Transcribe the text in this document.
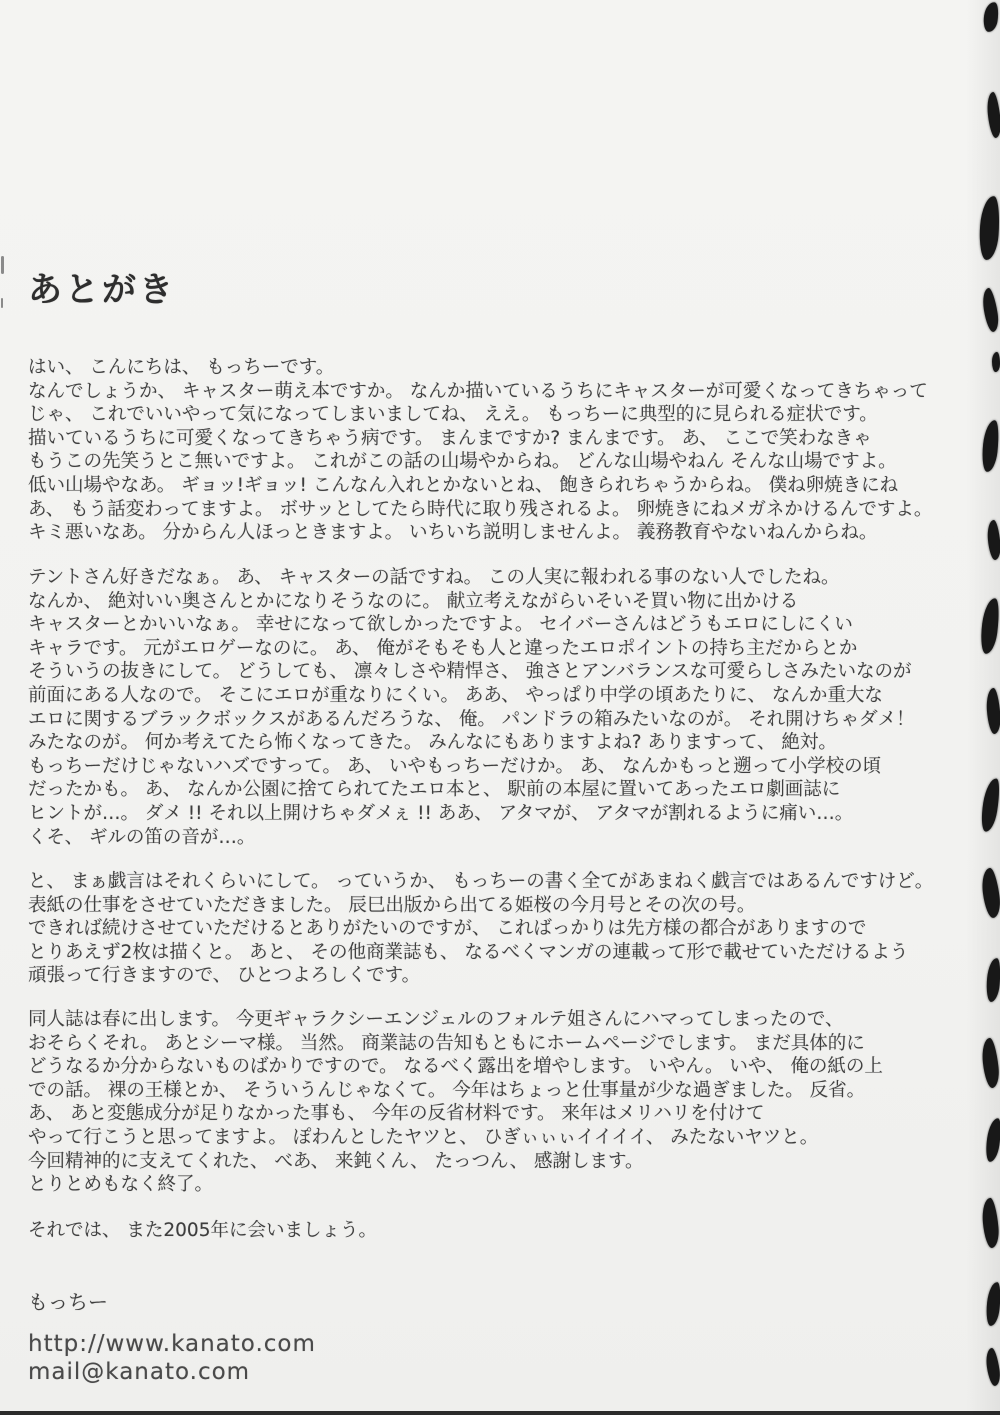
あとがき
はい、 こんにちは、 もっちーです。
なんでしょうか、 キャスター萌え本ですか。 なんか描いているうちにキャスターが可愛くなってきちゃって
じゃ、 これでいいやって気になってしまいましてね、 ええ。 もっちーに典型的に見られる症状です。
描いているうちに可愛くなってきちゃう病です。 まんまですか? まんまです。 あ、 ここで笑わなきゃ
もうこの先笑うとこ無いですよ。 これがこの話の山場やからね。 どんな山場やねん そんな山場ですよ。
低い山場やなあ。 ギョッ!ギョッ! こんなん入れとかないとね、 飽きられちゃうからね。 僕ね卵焼きにね
あ、 もう話変わってますよ。 ボサッとしてたら時代に取り残されるよ。 卵焼きにねメガネかけるんですよ。
キミ悪いなあ。 分からん人ほっときますよ。 いちいち説明しませんよ。 義務教育やないねんからね。
テントさん好きだなぁ。 あ、 キャスターの話ですね。 この人実に報われる事のない人でしたね。
なんか、 絶対いい奥さんとかになりそうなのに。 献立考えながらいそいそ買い物に出かける
キャスターとかいいなぁ。 幸せになって欲しかったですよ。 セイバーさんはどうもエロにしにくい
キャラです。 元がエロゲーなのに。 あ、 俺がそもそも人と違ったエロポイントの持ち主だからとか
そういうの抜きにして。 どうしても、 凛々しさや精悍さ、 強さとアンバランスな可愛らしさみたいなのが
前面にある人なので。 そこにエロが重なりにくい。 ああ、 やっぱり中学の頃あたりに、 なんか重大な
エロに関するブラックボックスがあるんだろうな、 俺。 パンドラの箱みたいなのが。 それ開けちゃダメ！
みたなのが。 何か考えてたら怖くなってきた。 みんなにもありますよね? ありますって、 絶対。
もっちーだけじゃないハズですって。 あ、 いやもっちーだけか。 あ、 なんかもっと遡って小学校の頃
だったかも。 あ、 なんか公園に捨てられてたエロ本と、 駅前の本屋に置いてあったエロ劇画誌に
ヒントが…。 ダメ !! それ以上開けちゃダメぇ !! ああ、 アタマが、 アタマが割れるように痛い…。
くそ、 ギルの笛の音が…。
と、 まぁ戯言はそれくらいにして。 っていうか、 もっちーの書く全てがあまねく戯言ではあるんですけど。
表紙の仕事をさせていただきました。 辰巳出版から出てる姫桜の今月号とその次の号。
できれば続けさせていただけるとありがたいのですが、 こればっかりは先方様の都合がありますので
とりあえず2枚は描くと。 あと、 その他商業誌も、 なるべくマンガの連載って形で載せていただけるよう
頑張って行きますので、 ひとつよろしくです。
同人誌は春に出します。 今更ギャラクシーエンジェルのフォルテ姐さんにハマってしまったので、
おそらくそれ。 あとシーマ様。 当然。 商業誌の告知もともにホームページでします。 まだ具体的に
どうなるか分からないものばかりですので。 なるべく露出を増やします。 いやん。 いや、 俺の紙の上
での話。 裸の王様とか、 そういうんじゃなくて。 今年はちょっと仕事量が少な過ぎました。 反省。
あ、 あと変態成分が足りなかった事も、 今年の反省材料です。 来年はメリハリを付けて
やって行こうと思ってますよ。 ぽわんとしたヤツと、 ひぎぃぃぃイイイイ、 みたないヤツと。
今回精神的に支えてくれた、 べあ、 来鈍くん、 たっつん、 感謝します。
とりとめもなく終了。
それでは、 また2005年に会いましょう。
もっちー
http://www.kanato.com
mail@kanato.com
